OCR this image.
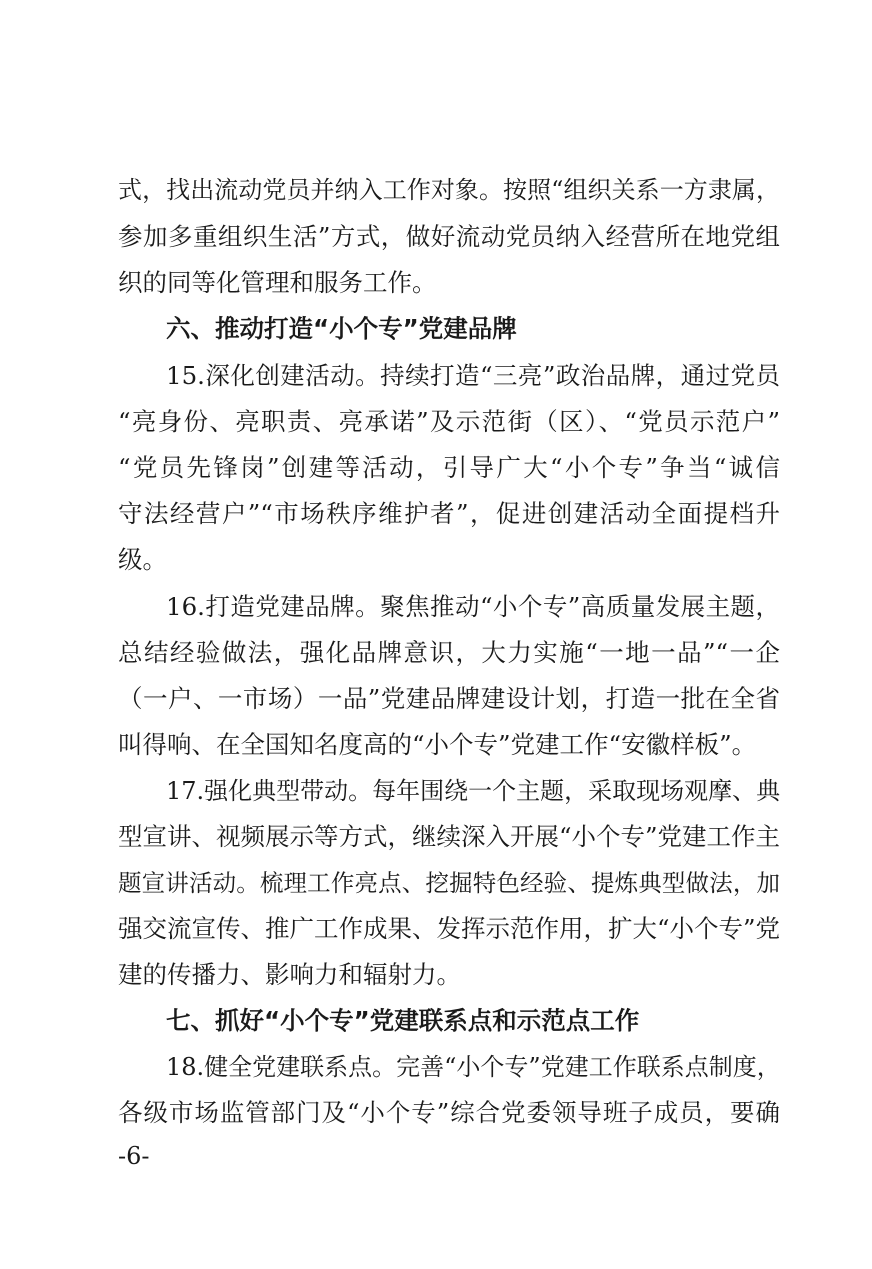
式，找出流动党员并纳入工作对象。按照“组织关系一方隶属，
参加多重组织生活”方式，做好流动党员纳入经营所在地党组
织的同等化管理和服务工作。
六、推动打造“小个专”党建品牌
15.深化创建活动。持续打造“三亮”政治品牌，通过党员
“亮身份、亮职责、亮承诺”及示范街（区）、“党员示范户”
“党员先锋岗”创建等活动，引导广大“小个专”争当“诚信
守法经营户”“市场秩序维护者”，促进创建活动全面提档升
级。
16.打造党建品牌。聚焦推动“小个专”高质量发展主题，
总结经验做法，强化品牌意识，大力实施“一地一品”“一企
（一户、一市场）一品”党建品牌建设计划，打造一批在全省
叫得响、在全国知名度高的“小个专”党建工作“安徽样板”。
17.强化典型带动。每年围绕一个主题，采取现场观摩、典
型宣讲、视频展示等方式，继续深入开展“小个专”党建工作主
题宣讲活动。梳理工作亮点、挖掘特色经验、提炼典型做法，加
强交流宣传、推广工作成果、发挥示范作用，扩大“小个专”党
建的传播力、影响力和辐射力。
七、抓好“小个专”党建联系点和示范点工作
18.健全党建联系点。完善“小个专”党建工作联系点制度，
各级市场监管部门及“小个专”综合党委领导班子成员，要确
-6-
